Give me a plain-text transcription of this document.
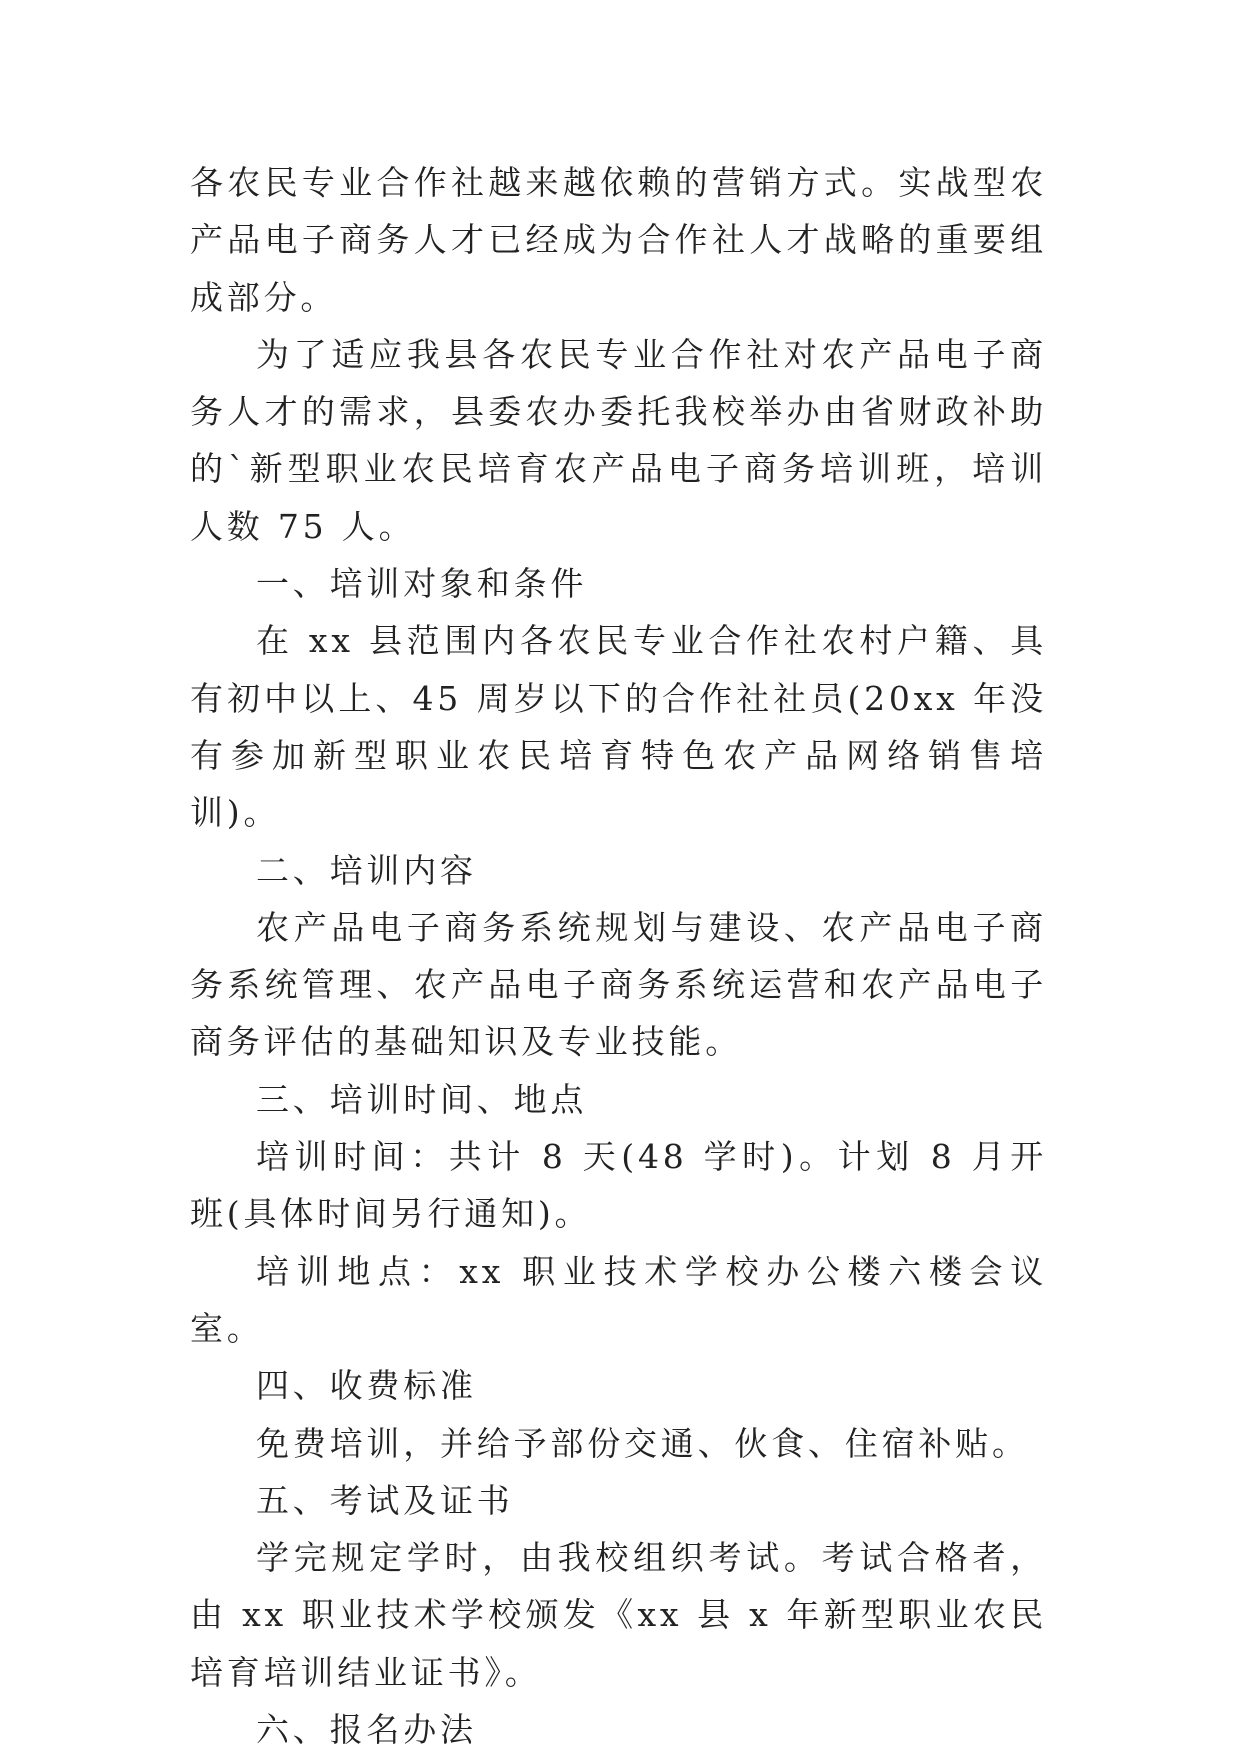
各农民专业合作社越来越依赖的营销方式。实战型农产品电子商务人才已经成为合作社人才战略的重要组成部分。

为了适应我县各农民专业合作社对农产品电子商务人才的需求，县委农办委托我校举办由省财政补助的`新型职业农民培育农产品电子商务培训班，培训人数 75 人。

一、培训对象和条件

在 xx 县范围内各农民专业合作社农村户籍、具有初中以上、45 周岁以下的合作社社员(20xx 年没有参加新型职业农民培育特色农产品网络销售培训)。

二、培训内容

农产品电子商务系统规划与建设、农产品电子商务系统管理、农产品电子商务系统运营和农产品电子商务评估的基础知识及专业技能。

三、培训时间、地点

培训时间：共计 8 天(48 学时)。计划 8 月开班(具体时间另行通知)。

培训地点：xx 职业技术学校办公楼六楼会议室。

四、收费标准

免费培训，并给予部份交通、伙食、住宿补贴。

五、考试及证书

学完规定学时，由我校组织考试。考试合格者，由 xx 职业技术学校颁发《xx 县 x 年新型职业农民培育培训结业证书》。

六、报名办法
